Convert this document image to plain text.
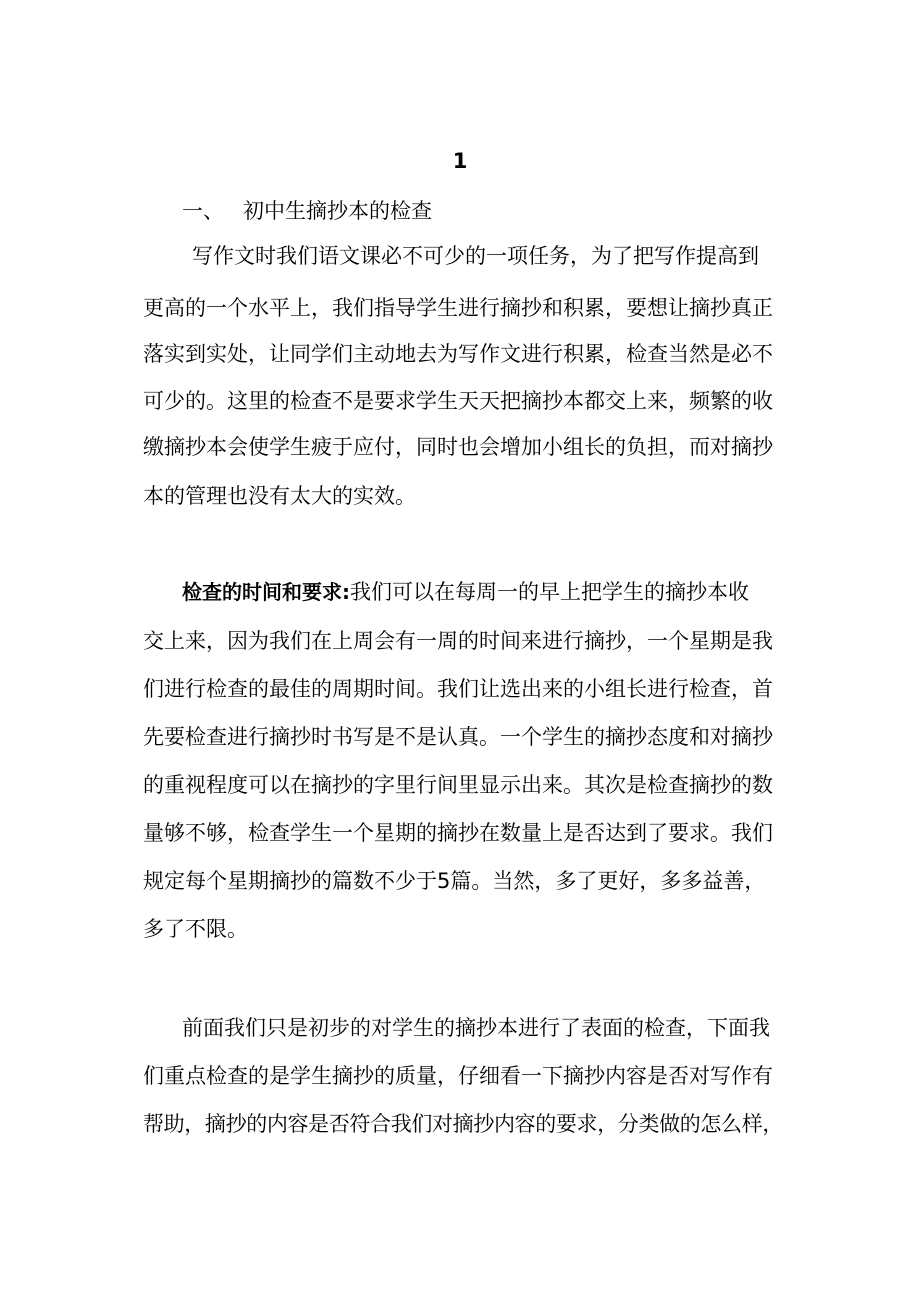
1
一、 初中生摘抄本的检查
写作文时我们语文课必不可少的一项任务，为了把写作提高到
更高的一个水平上，我们指导学生进行摘抄和积累，要想让摘抄真正
落实到实处，让同学们主动地去为写作文进行积累，检查当然是必不
可少的。这里的检查不是要求学生天天把摘抄本都交上来，频繁的收
缴摘抄本会使学生疲于应付，同时也会增加小组长的负担，而对摘抄
本的管理也没有太大的实效。
检查的时间和要求:我们可以在每周一的早上把学生的摘抄本收
交上来，因为我们在上周会有一周的时间来进行摘抄，一个星期是我
们进行检查的最佳的周期时间。我们让选出来的小组长进行检查，首
先要检查进行摘抄时书写是不是认真。一个学生的摘抄态度和对摘抄
的重视程度可以在摘抄的字里行间里显示出来。其次是检查摘抄的数
量够不够，检查学生一个星期的摘抄在数量上是否达到了要求。我们
规定每个星期摘抄的篇数不少于5篇。当然，多了更好，多多益善，
多了不限。
前面我们只是初步的对学生的摘抄本进行了表面的检查，下面我
们重点检查的是学生摘抄的质量，仔细看一下摘抄内容是否对写作有
帮助，摘抄的内容是否符合我们对摘抄内容的要求，分类做的怎么样，
